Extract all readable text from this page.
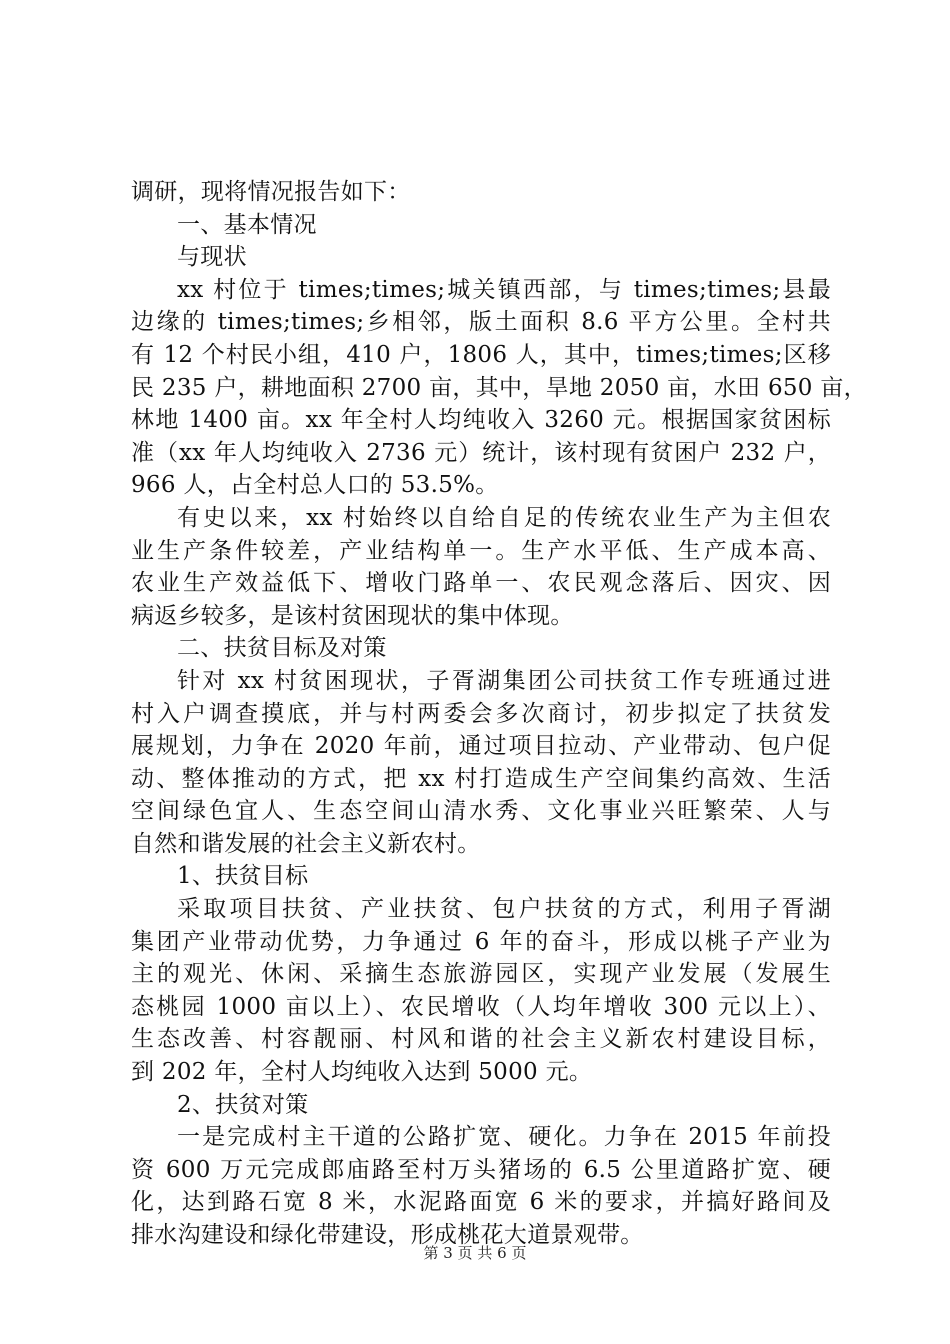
调研，现将情况报告如下：
一、基本情况
与现状
xx 村位于 times;times;城关镇西部，与 times;times;县最
边缘的 times;times;乡相邻，版土面积 8.6 平方公里。全村共
有 12 个村民小组，410 户，1806 人，其中，times;times;区移
民 235 户，耕地面积 2700 亩，其中，旱地 2050 亩，水田 650 亩，
林地 1400 亩。xx 年全村人均纯收入 3260 元。根据国家贫困标
准（xx 年人均纯收入 2736 元）统计，该村现有贫困户 232 户，
966 人，占全村总人口的 53.5%。
有史以来，xx 村始终以自给自足的传统农业生产为主但农
业生产条件较差，产业结构单一。生产水平低、生产成本高、
农业生产效益低下、增收门路单一、农民观念落后、因灾、因
病返乡较多，是该村贫困现状的集中体现。
二、扶贫目标及对策
针对 xx 村贫困现状，子胥湖集团公司扶贫工作专班通过进
村入户调查摸底，并与村两委会多次商讨，初步拟定了扶贫发
展规划，力争在 2020 年前，通过项目拉动、产业带动、包户促
动、整体推动的方式，把 xx 村打造成生产空间集约高效、生活
空间绿色宜人、生态空间山清水秀、文化事业兴旺繁荣、人与
自然和谐发展的社会主义新农村。
1、扶贫目标
采取项目扶贫、产业扶贫、包户扶贫的方式，利用子胥湖
集团产业带动优势，力争通过 6 年的奋斗，形成以桃子产业为
主的观光、休闲、采摘生态旅游园区，实现产业发展（发展生
态桃园 1000 亩以上）、农民增收（人均年增收 300 元以上）、
生态改善、村容靓丽、村风和谐的社会主义新农村建设目标，
到 202 年，全村人均纯收入达到 5000 元。
2、扶贫对策
一是完成村主干道的公路扩宽、硬化。力争在 2015 年前投
资 600 万元完成郎庙路至村万头猪场的 6.5 公里道路扩宽、硬
化，达到路石宽 8 米，水泥路面宽 6 米的要求，并搞好路间及
排水沟建设和绿化带建设，形成桃花大道景观带。
第 3 页 共 6 页
